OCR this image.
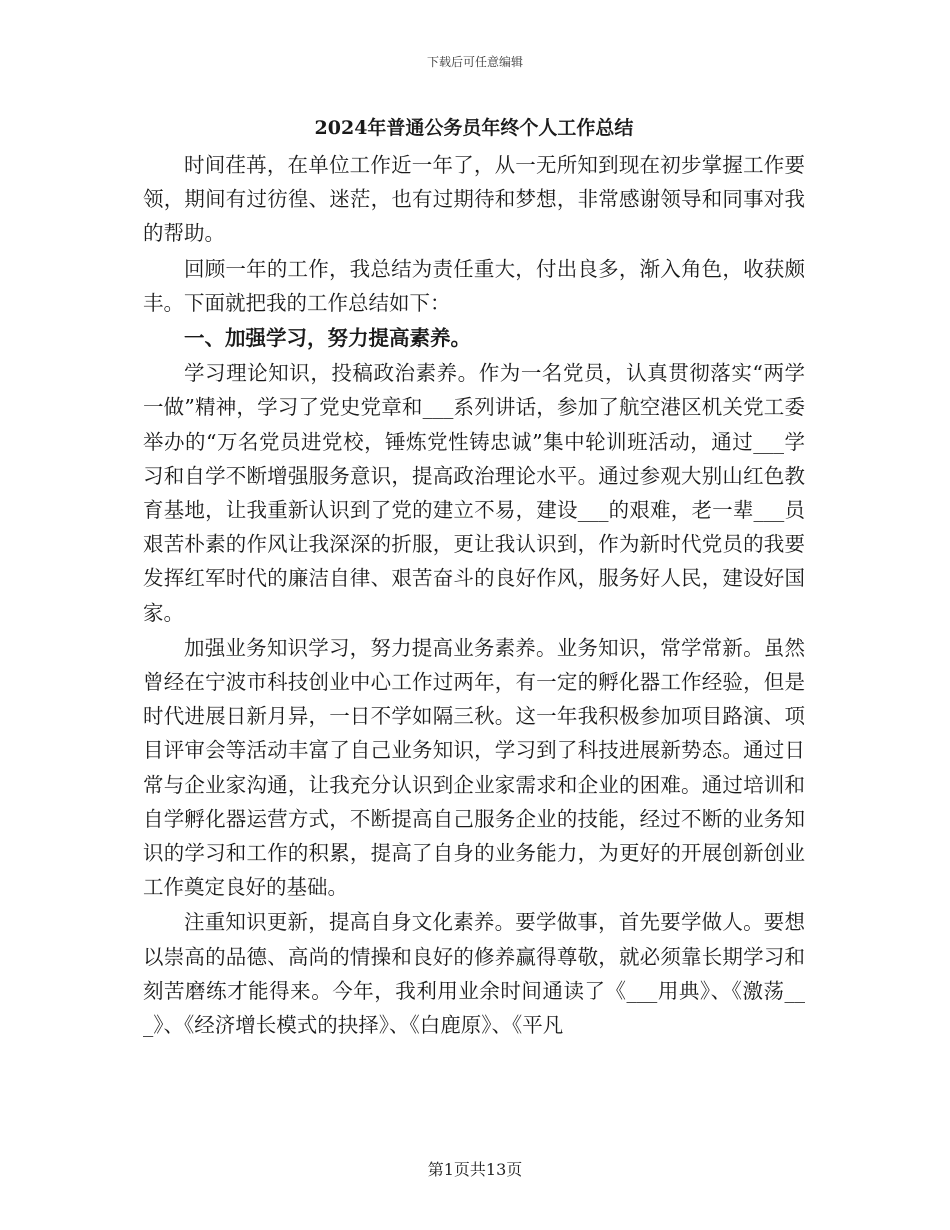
下载后可任意编辑
2024年普通公务员年终个人工作总结

时间荏苒，在单位工作近一年了，从一无所知到现在初步掌握工作要领，期间有过彷徨、迷茫，也有过期待和梦想，非常感谢领导和同事对我的帮助。

回顾一年的工作，我总结为责任重大，付出良多，渐入角色，收获颇丰。下面就把我的工作总结如下：

一、加强学习，努力提高素养。

学习理论知识，投稿政治素养。作为一名党员，认真贯彻落实“两学一做”精神，学习了党史党章和___系列讲话，参加了航空港区机关党工委举办的“万名党员进党校，锤炼党性铸忠诚”集中轮训班活动，通过___学习和自学不断增强服务意识，提高政治理论水平。通过参观大别山红色教育基地，让我重新认识到了党的建立不易，建设___的艰难，老一辈___员艰苦朴素的作风让我深深的折服，更让我认识到，作为新时代党员的我要发挥红军时代的廉洁自律、艰苦奋斗的良好作风，服务好人民，建设好国家。

加强业务知识学习，努力提高业务素养。业务知识，常学常新。虽然曾经在宁波市科技创业中心工作过两年，有一定的孵化器工作经验，但是时代进展日新月异，一日不学如隔三秋。这一年我积极参加项目路演、项目评审会等活动丰富了自己业务知识，学习到了科技进展新势态。通过日常与企业家沟通，让我充分认识到企业家需求和企业的困难。通过培训和自学孵化器运营方式，不断提高自己服务企业的技能，经过不断的业务知识的学习和工作的积累，提高了自身的业务能力，为更好的开展创新创业工作奠定良好的基础。

注重知识更新，提高自身文化素养。要学做事，首先要学做人。要想以崇高的品德、高尚的情操和良好的修养赢得尊敬，就必须靠长期学习和刻苦磨练才能得来。今年，我利用业余时间通读了《___用典》、《激荡___》、《经济增长模式的抉择》、《白鹿原》、《平凡

第1页共13页
